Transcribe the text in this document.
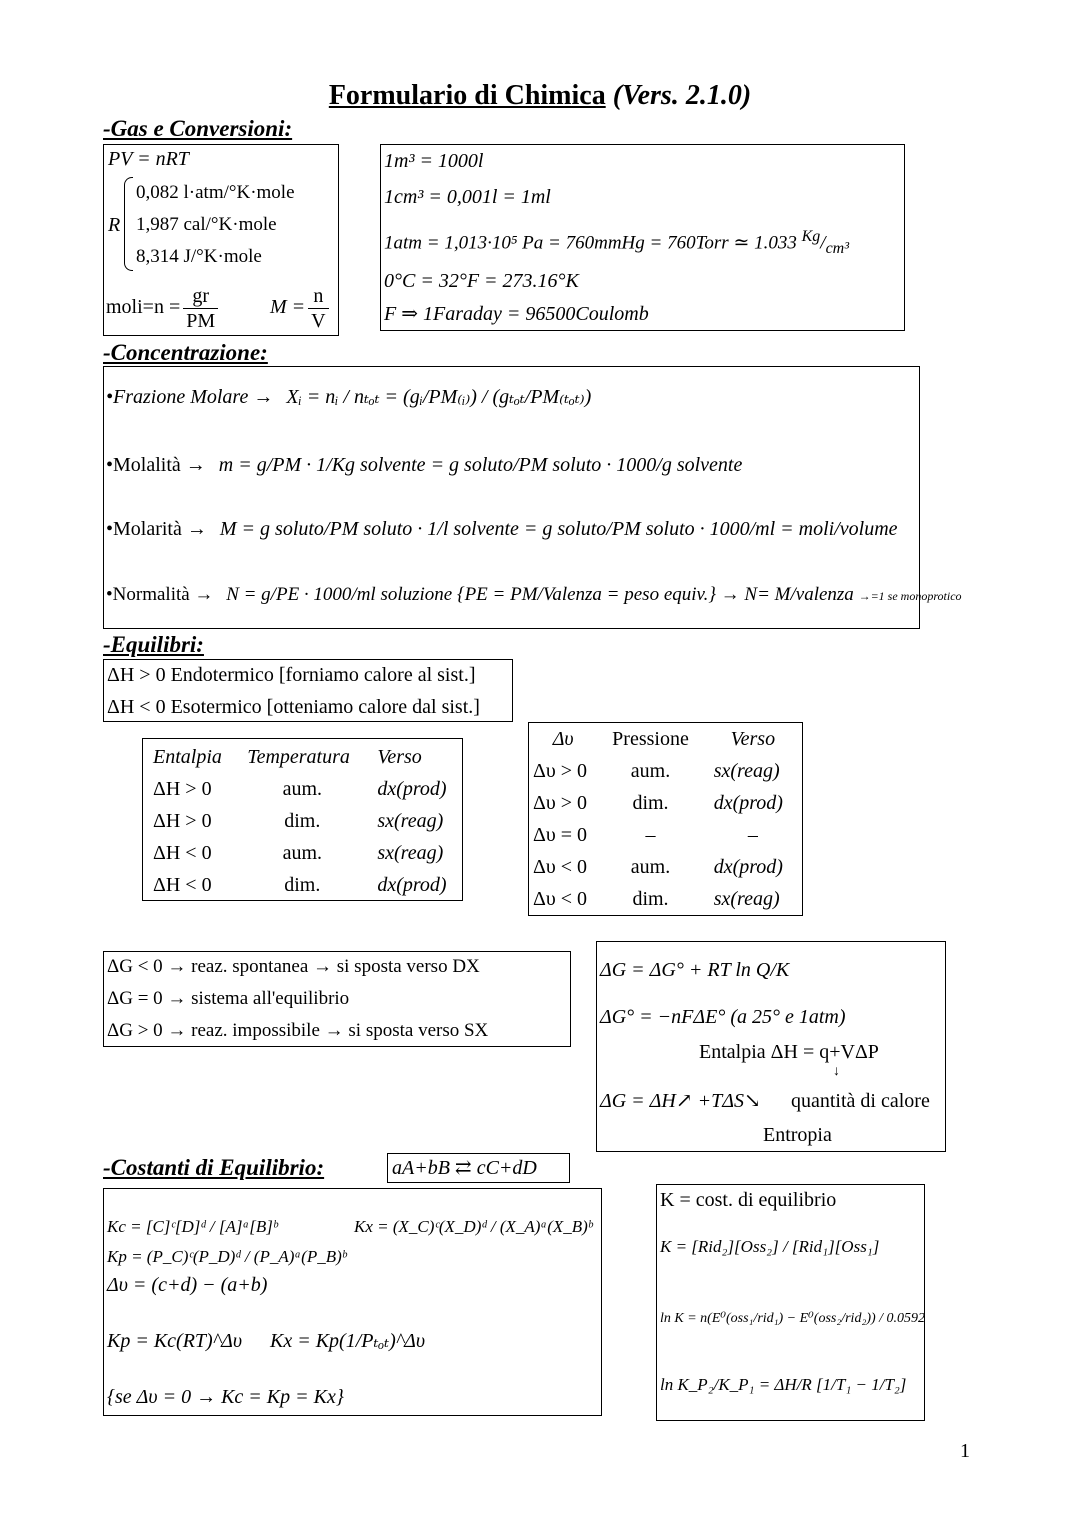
Formulario di Chimica (Vers. 2.1.0)
-Gas e Conversioni:
PV = nRT
R
0,082 l·atm/°K·mole
1,987 cal/°K·mole
8,314 J/°K·mole
moli=n = $\frac{gr}{PM}$	$M = \frac{n}{V}$
1m³ = 1000l
1cm³ = 0,001l = 1ml
1atm = 1,013·10⁵ Pa = 760mmHg = 760Torr ≃ 1.033 $^{Kg}/_{cm^3}$
0°C = 32°F = 273.16°K
F ⇒ 1Faraday = 96500Coulomb
-Concentrazione:
•Frazione Molare → Xᵢ = nᵢ / nₜₒₜ = (gᵢ/PM₍ᵢ₎) / (gₜₒₜ/PM₍ₜₒₜ₎)
•Molalità → m = g/PM · 1/Kg solvente = g soluto/PM soluto · 1000/g solvente
•Molarità → M = g soluto/PM soluto · 1/l solvente = g soluto/PM soluto · 1000/ml = moli/volume
•Normalità → N = g/PE · 1000/ml soluzione {PE = PM/Valenza = peso equiv.} → N= M/valenza →=1 se monoprotico
-Equilibri:
ΔH > 0 Endotermico [forniamo calore al sist.]
ΔH < 0 Esotermico [otteniamo calore dal sist.]
Entalpia	Temperatura	Verso
ΔH > 0	aum.	dx(prod)
ΔH > 0	dim.	sx(reag)
ΔH < 0	aum.	sx(reag)
ΔH < 0	dim.	dx(prod)
Δυ	Pressione	Verso
Δυ > 0	aum.	sx(reag)
Δυ > 0	dim.	dx(prod)
Δυ = 0	–	–
Δυ < 0	aum.	dx(prod)
Δυ < 0	dim.	sx(reag)
ΔG < 0 → reaz. spontanea → si sposta verso DX
ΔG = 0 → sistema all'equilibrio
ΔG > 0 → reaz. impossibile → si sposta verso SX
ΔG = ΔG° + RT ln Q/K
ΔG° = −nFΔE° (a 25° e 1atm)
Entalpia ΔH = q+VΔP
↓
ΔG = ΔH↗ +TΔS↘ quantità di calore
Entropia
-Costanti di Equilibrio:	aA+bB ⇄ cC+dD
Kc = [C]ᶜ[D]ᵈ / [A]ᵃ[B]ᵇ
Kp = (P_C)ᶜ(P_D)ᵈ / (P_A)ᵃ(P_B)ᵇ
Kx = (X_C)ᶜ(X_D)ᵈ / (X_A)ᵃ(X_B)ᵇ
Δυ = (c+d) − (a+b)
Kp = Kc(RT)^Δυ Kx = Kp(1/Pₜₒₜ)^Δυ
{se Δυ = 0 → Kc = Kp = Kx}
K = cost. di equilibrio
K = [Rid₂][Oss₂] / [Rid₁][Oss₁]
ln K = n(E⁰(oss₁/rid₁) − E⁰(oss₂/rid₂)) / 0.0592
ln K_P₂/K_P₁ = ΔH/R [1/T₁ − 1/T₂]
1
